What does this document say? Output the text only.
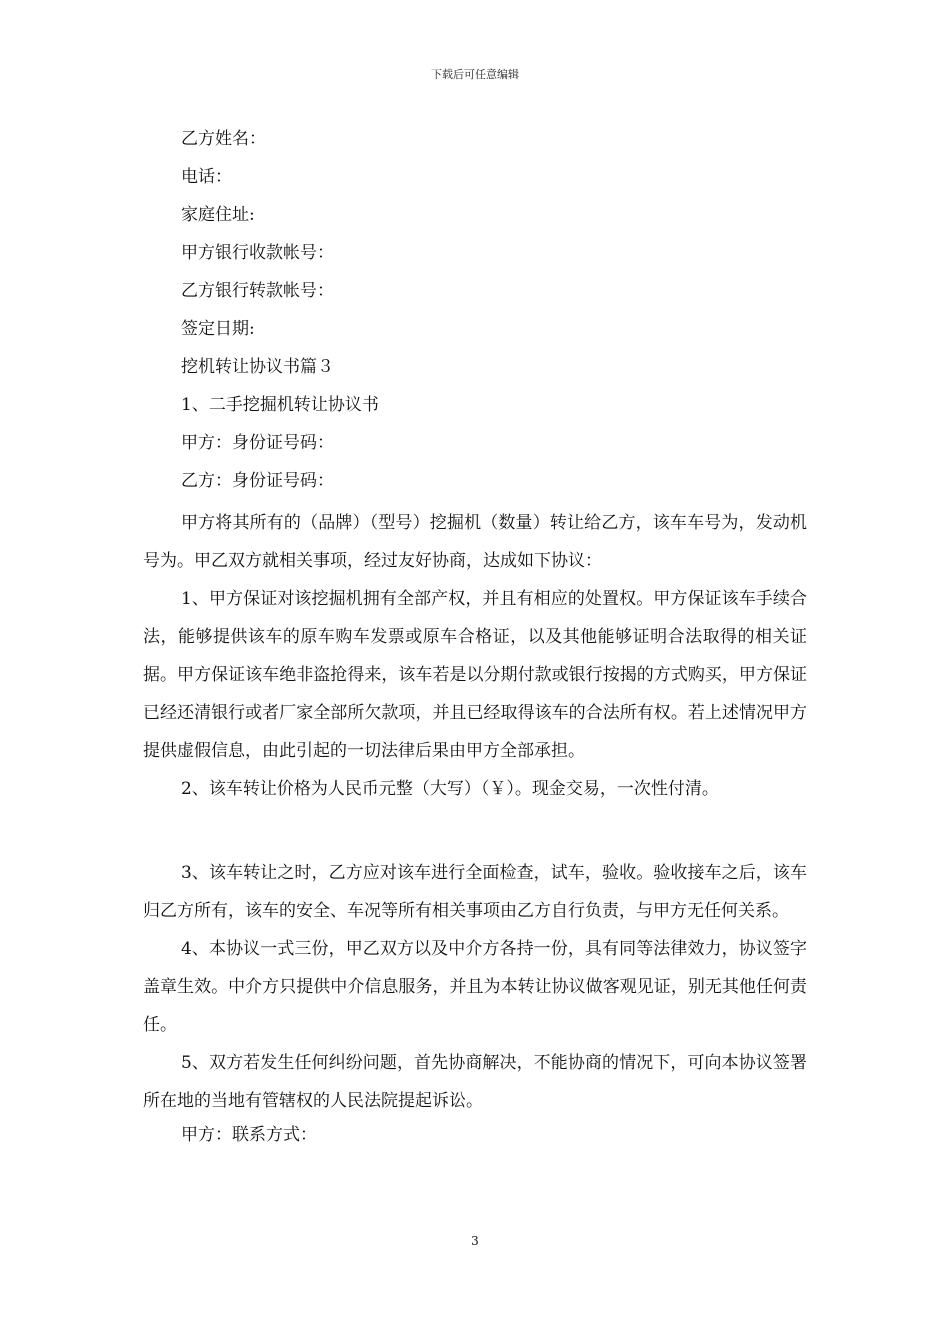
下载后可任意编辑

乙方姓名：

电话：

家庭住址:

甲方银行收款帐号：

乙方银行转款帐号：

签定日期:

挖机转让协议书篇３

1、二手挖掘机转让协议书

甲方：身份证号码：

乙方：身份证号码：

甲方将其所有的（品牌）（型号）挖掘机（数量）转让给乙方，该车车号为，发动机号为。甲乙双方就相关事项，经过友好协商，达成如下协议：

1、甲方保证对该挖掘机拥有全部产权，并且有相应的处置权。甲方保证该车手续合法，能够提供该车的原车购车发票或原车合格证，以及其他能够证明合法取得的相关证据。甲方保证该车绝非盗抢得来，该车若是以分期付款或银行按揭的方式购买，甲方保证已经还清银行或者厂家全部所欠款项，并且已经取得该车的合法所有权。若上述情况甲方提供虚假信息，由此引起的一切法律后果由甲方全部承担。

2、该车转让价格为人民币元整（大写）（￥）。现金交易，一次性付清。

3、该车转让之时，乙方应对该车进行全面检查，试车，验收。验收接车之后，该车归乙方所有，该车的安全、车况等所有相关事项由乙方自行负责，与甲方无任何关系。

4、本协议一式三份，甲乙双方以及中介方各持一份，具有同等法律效力，协议签字盖章生效。中介方只提供中介信息服务，并且为本转让协议做客观见证，别无其他任何责任。

5、双方若发生任何纠纷问题，首先协商解决，不能协商的情况下，可向本协议签署所在地的当地有管辖权的人民法院提起诉讼。

甲方：联系方式：

3
